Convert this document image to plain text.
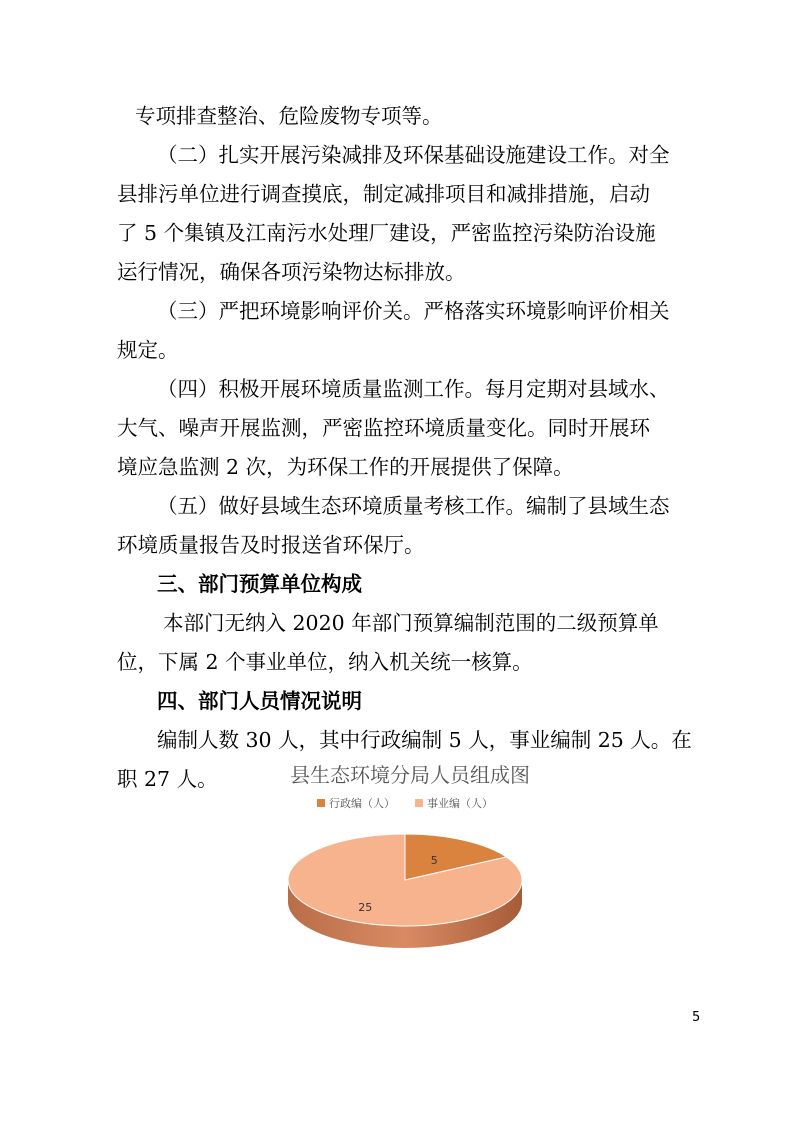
专项排查整治、危险废物专项等。
（二）扎实开展污染减排及环保基础设施建设工作。对全
县排污单位进行调查摸底，制定减排项目和减排措施，启动
了 5 个集镇及江南污水处理厂建设，严密监控污染防治设施
运行情况，确保各项污染物达标排放。
（三）严把环境影响评价关。严格落实环境影响评价相关
规定。
（四）积极开展环境质量监测工作。每月定期对县域水、
大气、噪声开展监测，严密监控环境质量变化。同时开展环
境应急监测 2 次，为环保工作的开展提供了保障。
（五）做好县域生态环境质量考核工作。编制了县域生态
环境质量报告及时报送省环保厅。
三、部门预算单位构成
本部门无纳入 2020 年部门预算编制范围的二级预算单
位，下属 2 个事业单位，纳入机关统一核算。
四、部门人员情况说明
编制人数 30 人，其中行政编制 5 人，事业编制 25 人。在
职 27 人。	县生态环境分局人员组成图
行政编（人）	事业编（人）
5
25
5
